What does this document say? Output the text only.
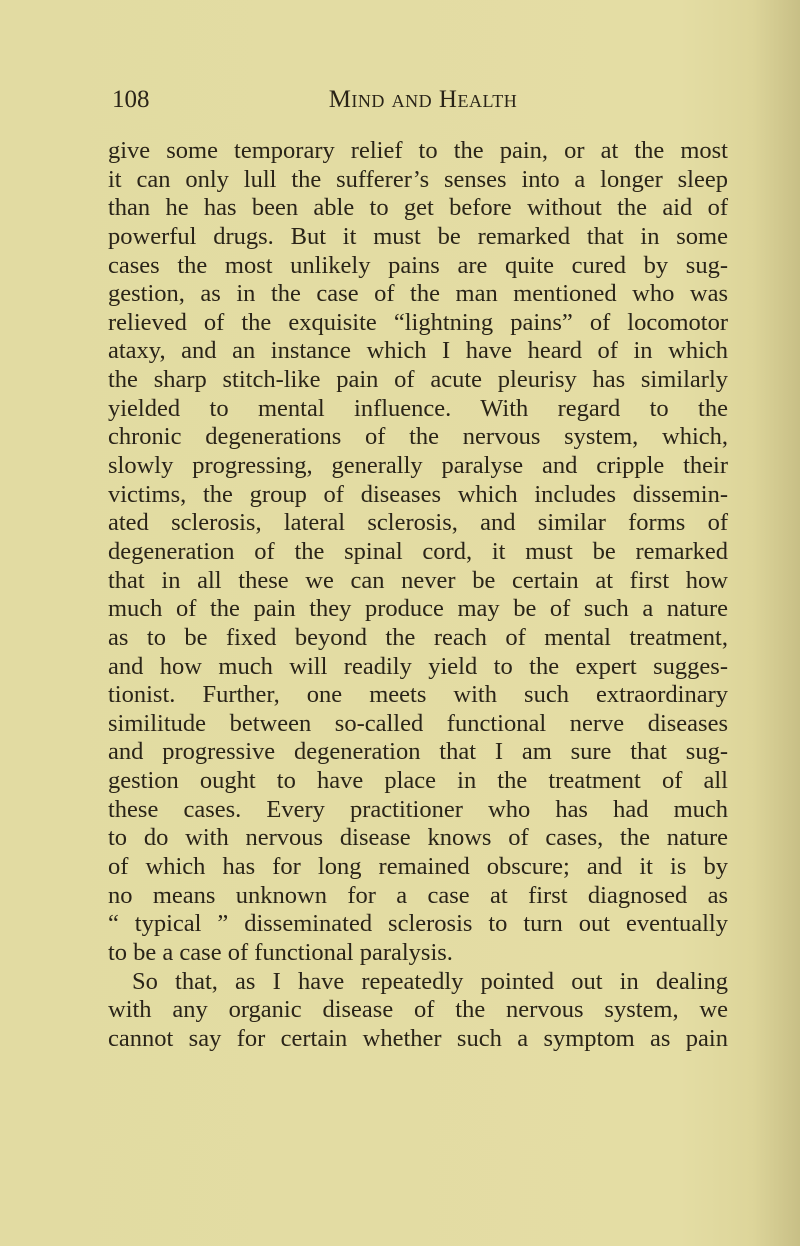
108	Mind and Health
give some temporary relief to the pain, or at the most
it can only lull the sufferer’s senses into a longer sleep
than he has been able to get before without the aid of
powerful drugs. But it must be remarked that in some
cases the most unlikely pains are quite cured by sug-
gestion, as in the case of the man mentioned who was
relieved of the exquisite “lightning pains” of locomotor
ataxy, and an instance which I have heard of in which
the sharp stitch-like pain of acute pleurisy has similarly
yielded to mental influence. With regard to the
chronic degenerations of the nervous system, which,
slowly progressing, generally paralyse and cripple their
victims, the group of diseases which includes dissemin-
ated sclerosis, lateral sclerosis, and similar forms of
degeneration of the spinal cord, it must be remarked
that in all these we can never be certain at first how
much of the pain they produce may be of such a nature
as to be fixed beyond the reach of mental treatment,
and how much will readily yield to the expert sugges-
tionist. Further, one meets with such extraordinary
similitude between so-called functional nerve diseases
and progressive degeneration that I am sure that sug-
gestion ought to have place in the treatment of all
these cases. Every practitioner who has had much
to do with nervous disease knows of cases, the nature
of which has for long remained obscure; and it is by
no means unknown for a case at first diagnosed as
“ typical ” disseminated sclerosis to turn out eventually
to be a case of functional paralysis.
So that, as I have repeatedly pointed out in dealing
with any organic disease of the nervous system, we
cannot say for certain whether such a symptom as pain
